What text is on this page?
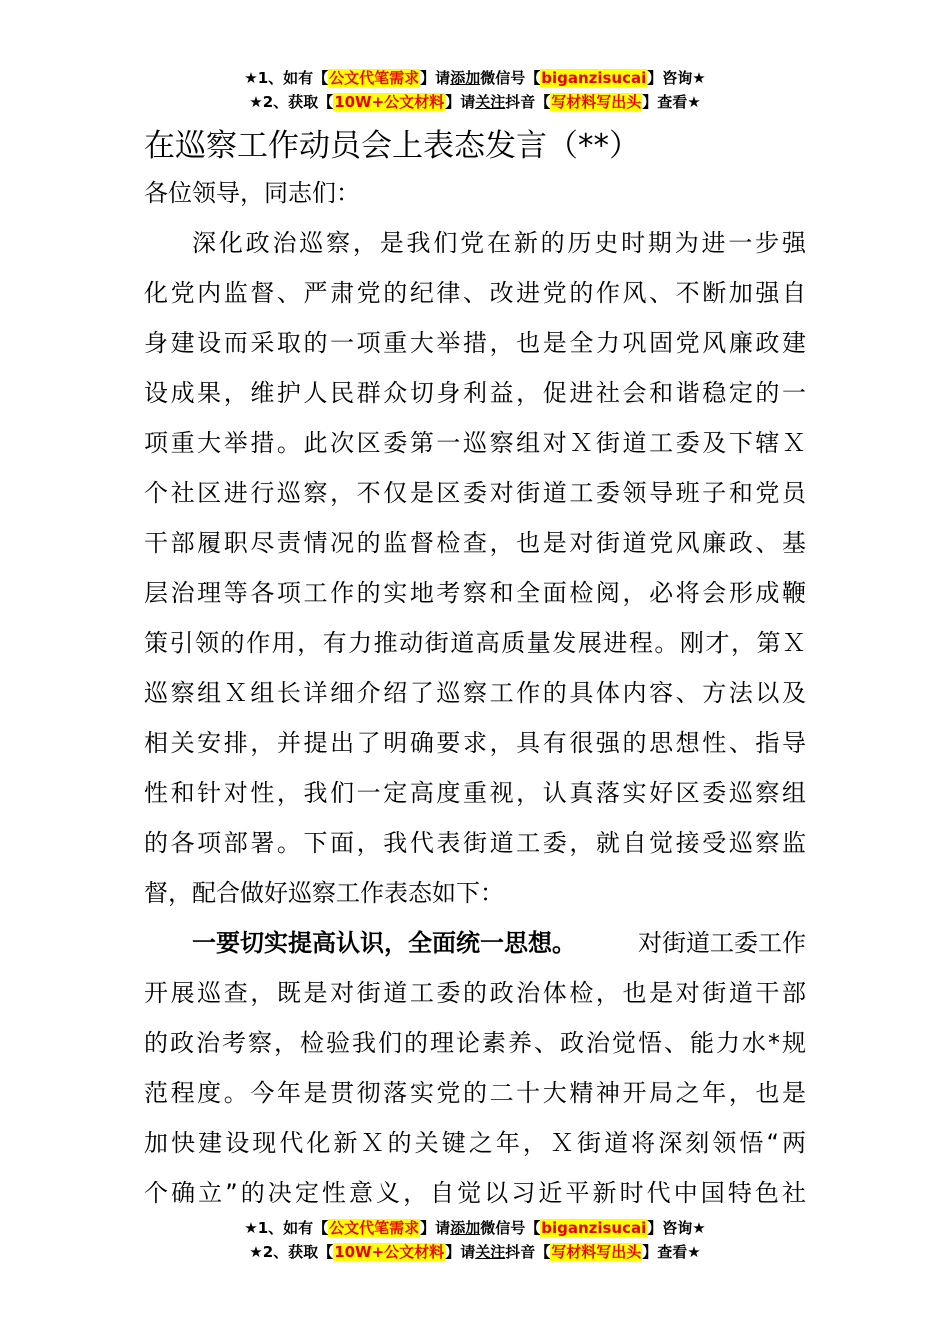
★1、如有【公文代笔需求】请添加微信号【biganzisucai】咨询★
★2、获取【10W+公文材料】请关注抖音【写材料写出头】查看★
在巡察工作动员会上表态发言（**）
各位领导，同志们：
深化政治巡察，是我们党在新的历史时期为进一步强
化党内监督、严肃党的纪律、改进党的作风、不断加强自
身建设而采取的一项重大举措，也是全力巩固党风廉政建
设成果，维护人民群众切身利益，促进社会和谐稳定的一
项重大举措。此次区委第一巡察组对Ｘ街道工委及下辖Ｘ
个社区进行巡察，不仅是区委对街道工委领导班子和党员
干部履职尽责情况的监督检查，也是对街道党风廉政、基
层治理等各项工作的实地考察和全面检阅，必将会形成鞭
策引领的作用，有力推动街道高质量发展进程。刚才，第Ｘ
巡察组Ｘ组长详细介绍了巡察工作的具体内容、方法以及
相关安排，并提出了明确要求，具有很强的思想性、指导
性和针对性，我们一定高度重视，认真落实好区委巡察组
的各项部署。下面，我代表街道工委，就自觉接受巡察监
督，配合做好巡察工作表态如下：
一要切实提高认识，全面统一思想。	对街道工委工作
开展巡查，既是对街道工委的政治体检，也是对街道干部
的政治考察，检验我们的理论素养、政治觉悟、能力水*规
范程度。今年是贯彻落实党的二十大精神开局之年，也是
加快建设现代化新Ｘ的关键之年，Ｘ街道将深刻领悟“两
个确立”的决定性意义，自觉以习近平新时代中国特色社
★1、如有【公文代笔需求】请添加微信号【biganzisucai】咨询★
★2、获取【10W+公文材料】请关注抖音【写材料写出头】查看★
